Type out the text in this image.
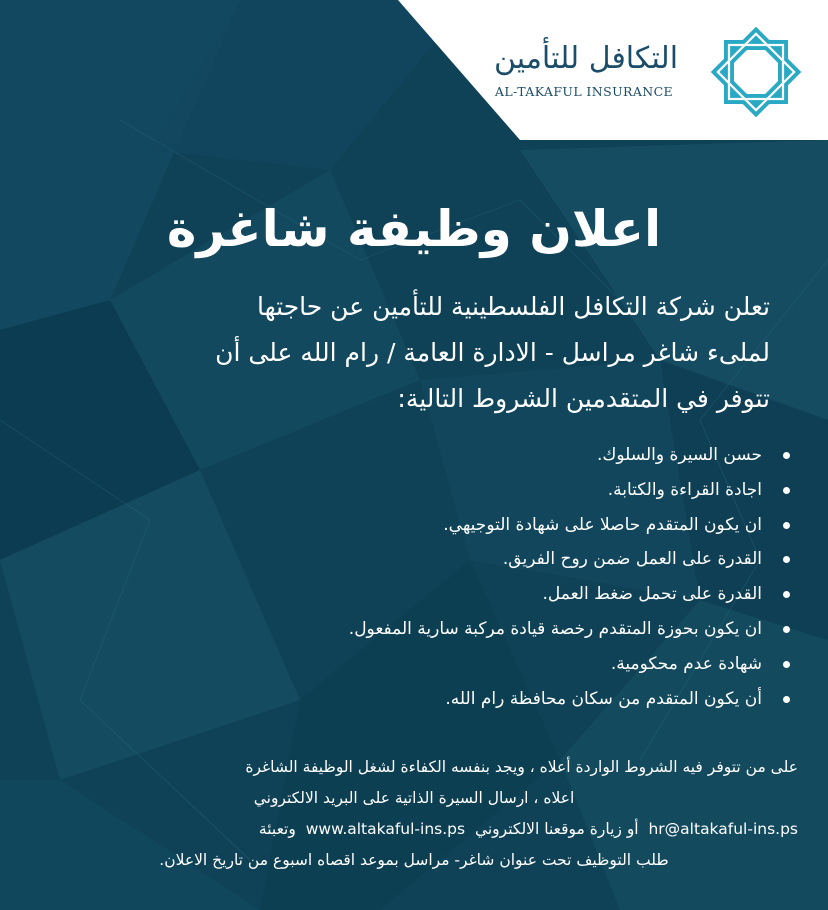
التكافل للتأمين
AL-TAKAFUL INSURANCE
اعلان وظيفة شاغرة
تعلن شركة التكافل الفلسطينية للتأمين عن حاجتها
لملىء شاغر مراسل - الادارة العامة / رام الله على أن
تتوفر في المتقدمين الشروط التالية:
حسن السيرة والسلوك.
اجادة القراءة والكتابة.
ان يكون المتقدم حاصلا على شهادة التوجيهي.
القدرة على العمل ضمن روح الفريق.
القدرة على تحمل ضغط العمل.
ان يكون بحوزة المتقدم رخصة قيادة مركبة سارية المفعول.
شهادة عدم محكومية.
أن يكون المتقدم من سكان محافظة رام الله.
على من تتوفر فيه الشروط الواردة أعلاه ، ويجد بنفسه الكفاءة لشغل الوظيفة الشاغرة
اعلاه ، ارسال السيرة الذاتية على البريد الالكتروني
hr@altakaful-ins.ps  أو زيارة موقعنا الالكتروني  www.altakaful-ins.ps  وتعبئة
طلب التوظيف تحت عنوان شاغر- مراسل بموعد اقصاه اسبوع من تاريخ الاعلان.
